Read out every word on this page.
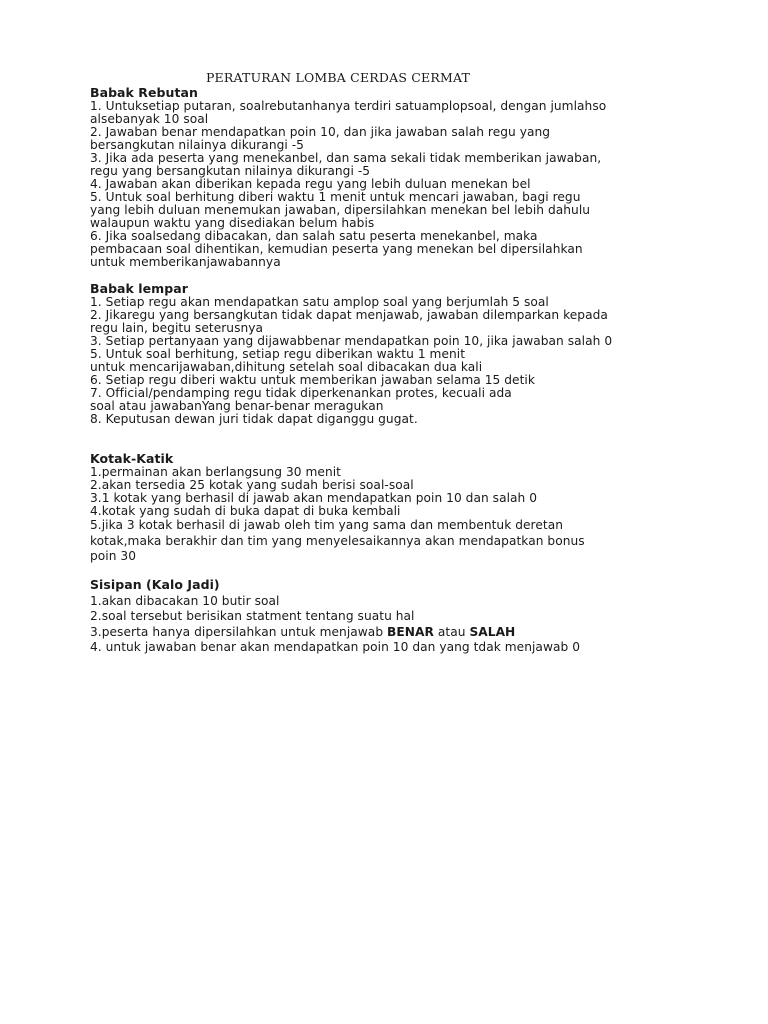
PERATURAN LOMBA CERDAS CERMAT

Babak Rebutan

1. Untuksetiap putaran, soalrebutanhanya terdiri satuamplopsoal, dengan jumlahso

alsebanyak 10 soal

2. Jawaban benar mendapatkan poin 10, dan jika jawaban salah regu yang

bersangkutan nilainya dikurangi -5

3. Jika ada peserta yang menekanbel, dan sama sekali tidak memberikan jawaban,

regu yang bersangkutan nilainya dikurangi -5

4. Jawaban akan diberikan kepada regu yang lebih duluan menekan bel

5. Untuk soal berhitung diberi waktu 1 menit untuk mencari jawaban, bagi regu

yang lebih duluan menemukan jawaban, dipersilahkan menekan bel lebih dahulu

walaupun waktu yang disediakan belum habis

6. Jika soalsedang dibacakan, dan salah satu peserta menekanbel, maka

pembacaan soal dihentikan, kemudian peserta yang menekan bel dipersilahkan

untuk memberikanjawabannya

Babak lempar

1. Setiap regu akan mendapatkan satu amplop soal yang berjumlah 5 soal

2. Jikaregu yang bersangkutan tidak dapat menjawab, jawaban dilemparkan kepada

regu lain, begitu seterusnya

3. Setiap pertanyaan yang dijawabbenar mendapatkan poin 10, jika jawaban salah 0

5. Untuk soal berhitung, setiap regu diberikan waktu 1 menit

untuk mencarijawaban,dihitung setelah soal dibacakan dua kali

6. Setiap regu diberi waktu untuk memberikan jawaban selama 15 detik

7. Official/pendamping regu tidak diperkenankan protes, kecuali ada

soal atau jawabanYang benar-benar meragukan

8. Keputusan dewan juri tidak dapat diganggu gugat.

Kotak-Katik

1.permainan akan berlangsung 30 menit

2.akan tersedia 25 kotak yang sudah berisi soal-soal

3.1 kotak yang berhasil di jawab akan mendapatkan poin 10 dan salah 0

4.kotak yang sudah di buka dapat di buka kembali

5.jika 3 kotak berhasil di jawab oleh tim yang sama dan membentuk deretan

kotak,maka berakhir dan tim yang menyelesaikannya akan mendapatkan bonus

poin 30

Sisipan (Kalo Jadi)

1.akan dibacakan 10 butir soal

2.soal tersebut berisikan statment tentang suatu hal

3.peserta hanya dipersilahkan untuk menjawab BENAR atau SALAH

4. untuk jawaban benar akan mendapatkan poin 10 dan yang tdak menjawab 0
